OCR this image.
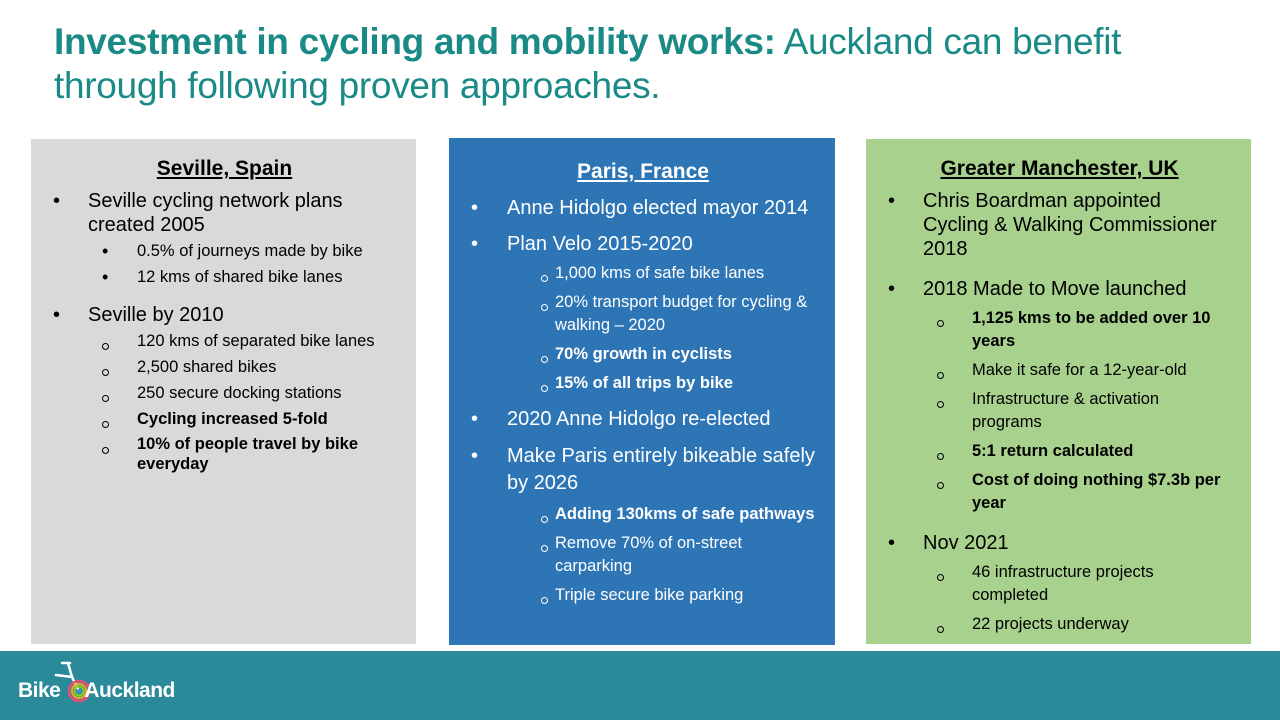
Investment in cycling and mobility works: Auckland can benefit through following proven approaches.
Seville, Spain
• Seville cycling network plans created 2005
• 0.5% of journeys made by bike
• 12 kms of shared bike lanes
• Seville by 2010
120 kms of separated bike lanes
2,500 shared bikes
250 secure docking stations
Cycling increased 5-fold
10% of people travel by bike everyday
Paris, France
• Anne Hidolgo elected mayor 2014
• Plan Velo 2015-2020
1,000 kms of safe bike lanes
20% transport budget for cycling & walking – 2020
70% growth in cyclists
15% of all trips by bike
• 2020 Anne Hidolgo re-elected
• Make Paris entirely bikeable safely by 2026
Adding 130kms of safe pathways
Remove 70% of on-street carparking
Triple secure bike parking
Greater Manchester, UK
• Chris Boardman appointed Cycling & Walking Commissioner 2018
• 2018 Made to Move launched
1,125 kms to be added over 10 years
Make it safe for a 12-year-old
Infrastructure & activation programs
5:1 return calculated
Cost of doing nothing $7.3b per year
• Nov 2021
46 infrastructure projects completed
22 projects underway
Bike Auckland
